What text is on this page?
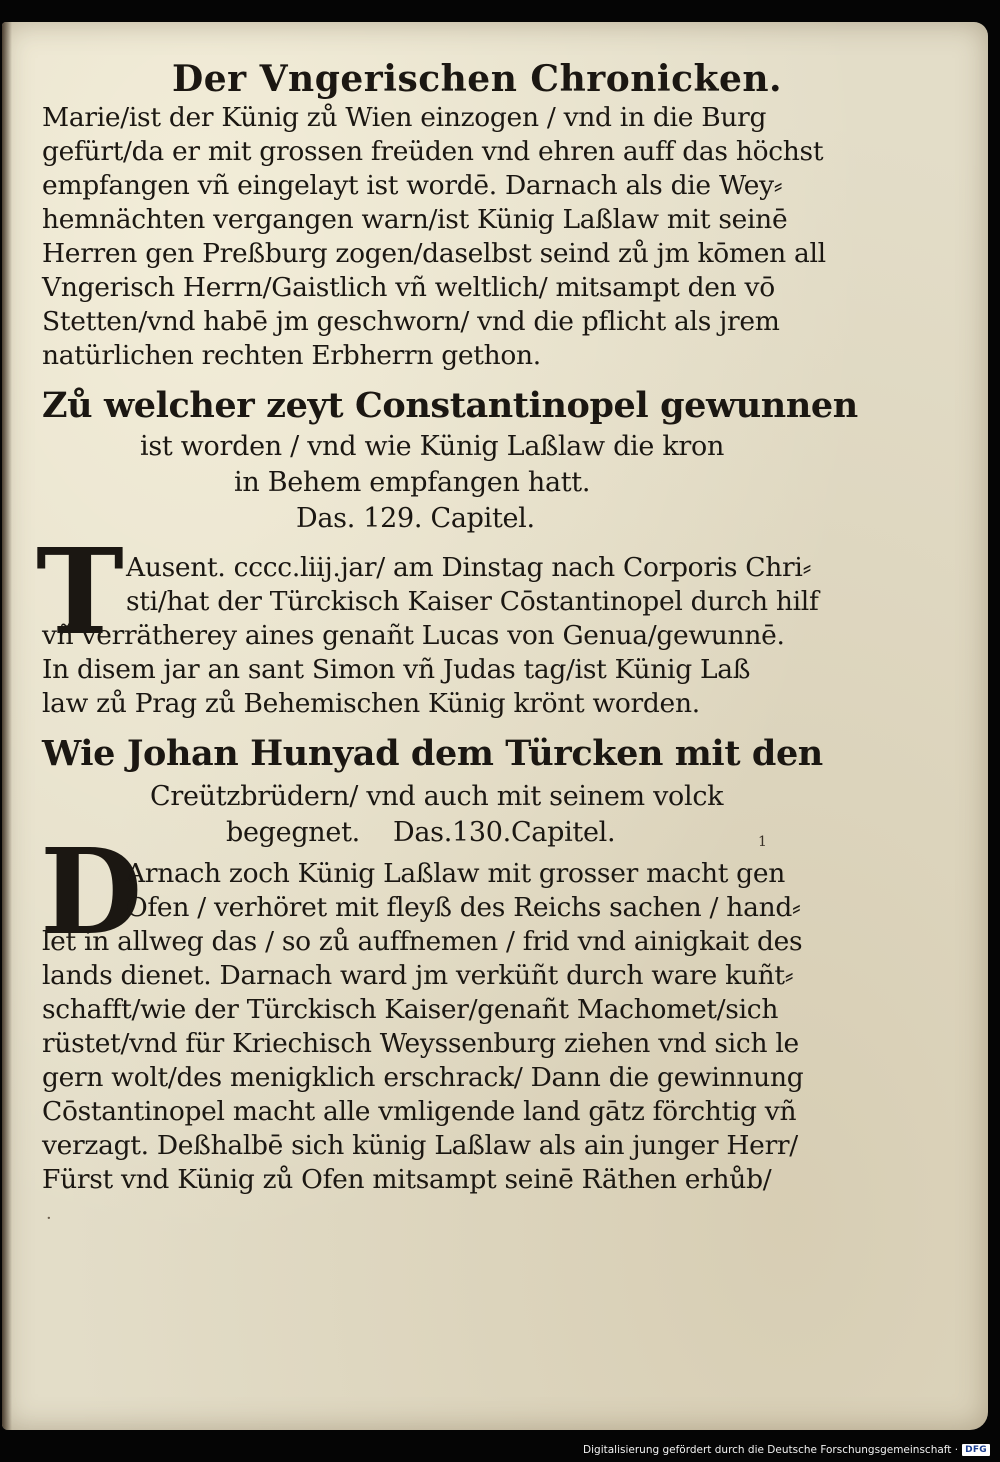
Der Vngerischen Chronicken.
Marie/ist der Künig zů Wien einzogen / vnd in die Burg
gefürt/da er mit grossen freüden vnd ehren auff das höchst
empfangen vñ eingelayt ist wordē. Darnach als die Wey⸗
hemnächten vergangen warn/ist Künig Laßlaw mit seinē
Herren gen Preßburg zogen/daselbst seind zů jm kōmen all
Vngerisch Herrn/Gaistlich vñ weltlich/ mitsampt den vō
Stetten/vnd habē jm geschworn/ vnd die pflicht als jrem
natürlichen rechten Erbherrn gethon.
Zů welcher zeyt Constantinopel gewunnen
ist worden / vnd wie Künig Laßlaw die kron
in Behem empfangen hatt.
Das. 129. Capitel.
T Ausent. cccc.liij.jar/ am Dinstag nach Corporis Chri⸗
sti/hat der Türckisch Kaiser Cōstantinopel durch hilf
vñ verrätherey aines genañt Lucas von Genua/gewunnē.
In disem jar an sant Simon vñ Judas tag/ist Künig Laß
law zů Prag zů Behemischen Künig krönt worden.
Wie Johan Hunyad dem Türcken mit den
Creützbrüdern/ vnd auch mit seinem volck
begegnet.    Das.130.Capitel.	1
D
Arnach zoch Künig Laßlaw mit grosser macht gen
Ofen / verhöret mit fleyß des Reichs sachen / hand⸗
let in allweg das / so zů auffnemen / frid vnd ainigkait des
lands dienet. Darnach ward jm verküñt durch ware kuñt⸗
schafft/wie der Türckisch Kaiser/genañt Machomet/sich
rüstet/vnd für Kriechisch Weyssenburg ziehen vnd sich le
gern wolt/des menigklich erschrack/ Dann die gewinnung
Cōstantinopel macht alle vmligende land gātz förchtig vñ
verzagt. Deßhalbē sich künig Laßlaw als ain junger Herr/
Fürst vnd Künig zů Ofen mitsampt seinē Räthen erhůb/
·
Digitalisierung gefördert durch die Deutsche Forschungsgemeinschaft · DFG
